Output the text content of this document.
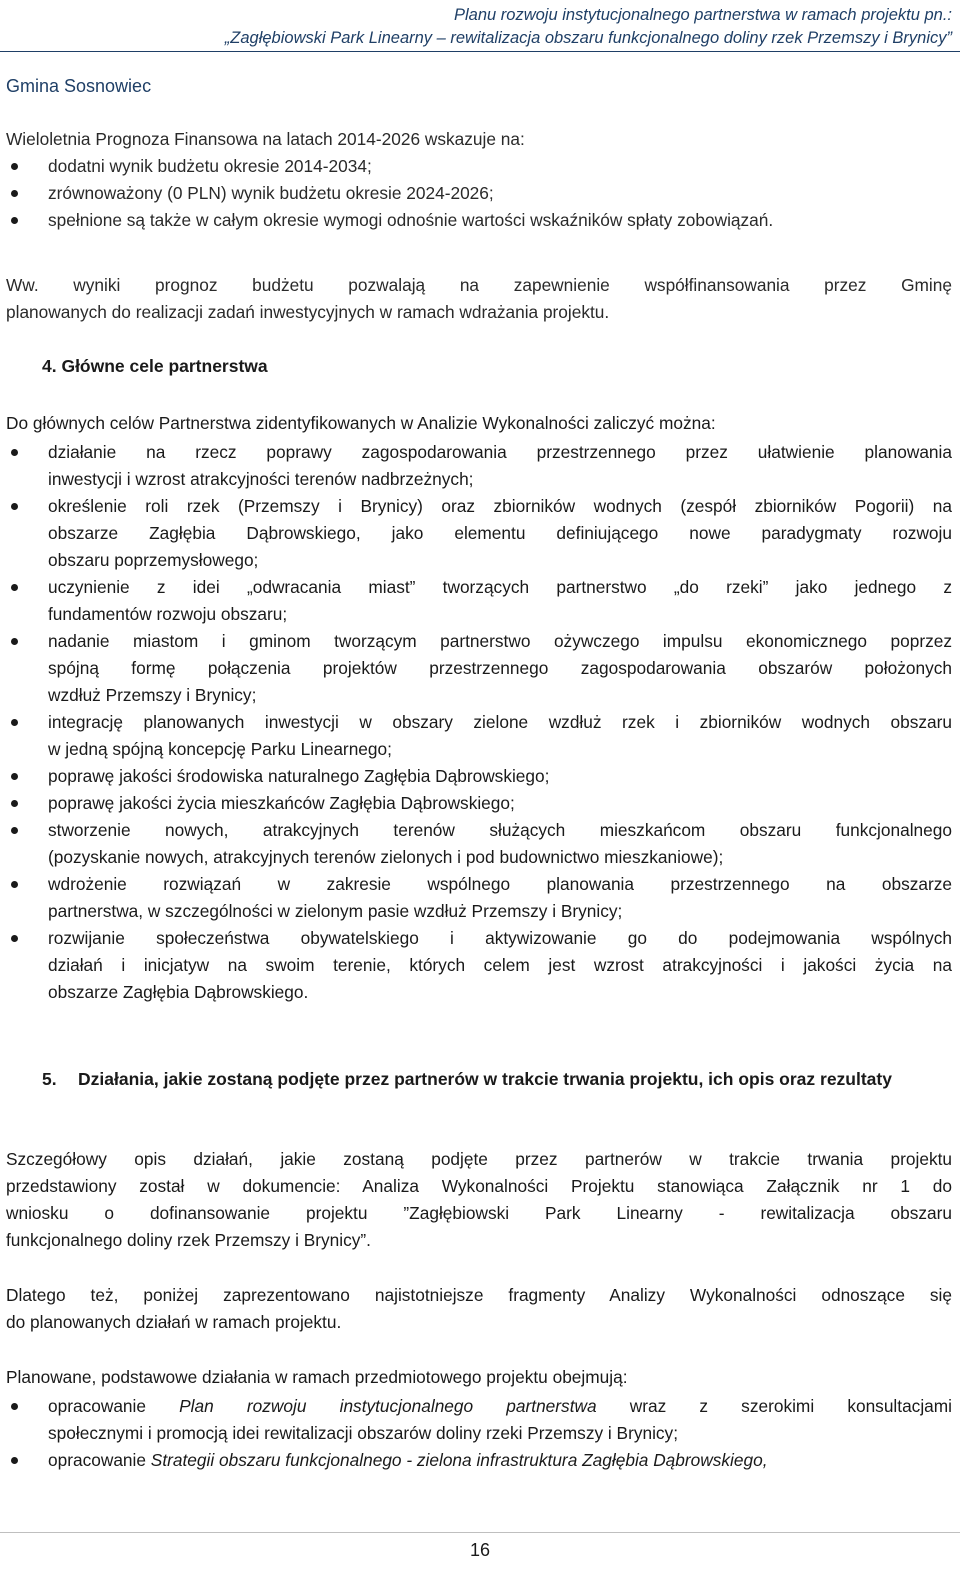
Planu rozwoju instytucjonalnego partnerstwa w ramach projektu pn.:
„Zagłębiowski Park Linearny – rewitalizacja obszaru funkcjonalnego doliny rzek Przemszy i Brynicy”
Gmina Sosnowiec
Wieloletnia Prognoza Finansowa na latach 2014-2026 wskazuje na:
dodatni wynik budżetu okresie 2014-2034;
zrównoważony (0 PLN) wynik budżetu okresie 2024-2026;
spełnione są także w całym okresie wymogi odnośnie wartości wskaźników spłaty zobowiązań.
Ww. wyniki prognoz budżetu pozwalają na zapewnienie współfinansowania przez Gminę
planowanych do realizacji zadań inwestycyjnych w ramach wdrażania projektu.
4. Główne cele partnerstwa
Do głównych celów Partnerstwa zidentyfikowanych w Analizie Wykonalności zaliczyć można:
działanie na rzecz poprawy zagospodarowania przestrzennego przez ułatwienie planowania
inwestycji i wzrost atrakcyjności terenów nadbrzeżnych;
określenie roli rzek (Przemszy i Brynicy) oraz zbiorników wodnych (zespół zbiorników Pogorii) na
obszarze Zagłębia Dąbrowskiego, jako elementu definiującego nowe paradygmaty rozwoju
obszaru poprzemysłowego;
uczynienie z idei „odwracania miast” tworzących partnerstwo „do rzeki” jako jednego z
fundamentów rozwoju obszaru;
nadanie miastom i gminom tworzącym partnerstwo ożywczego impulsu ekonomicznego poprzez
spójną formę połączenia projektów przestrzennego zagospodarowania obszarów położonych
wzdłuż Przemszy i Brynicy;
integrację planowanych inwestycji w obszary zielone wzdłuż rzek i zbiorników wodnych obszaru
w jedną spójną koncepcję Parku Linearnego;
poprawę jakości środowiska naturalnego Zagłębia Dąbrowskiego;
poprawę jakości życia mieszkańców Zagłębia Dąbrowskiego;
stworzenie nowych, atrakcyjnych terenów służących mieszkańcom obszaru funkcjonalnego
(pozyskanie nowych, atrakcyjnych terenów zielonych i pod budownictwo mieszkaniowe);
wdrożenie rozwiązań w zakresie wspólnego planowania przestrzennego na obszarze
partnerstwa, w szczególności w zielonym pasie wzdłuż Przemszy i Brynicy;
rozwijanie społeczeństwa obywatelskiego i aktywizowanie go do podejmowania wspólnych
działań i inicjatyw na swoim terenie, których celem jest wzrost atrakcyjności i jakości życia na
obszarze Zagłębia Dąbrowskiego.
5.	Działania, jakie zostaną podjęte przez partnerów w trakcie trwania projektu, ich opis oraz rezultaty
Szczegółowy opis działań, jakie zostaną podjęte przez partnerów w trakcie trwania projektu
przedstawiony został w dokumencie: Analiza Wykonalności Projektu stanowiąca Załącznik nr 1 do
wniosku o dofinansowanie projektu ”Zagłębiowski Park Linearny - rewitalizacja obszaru
funkcjonalnego doliny rzek Przemszy i Brynicy”.
Dlatego też, poniżej zaprezentowano najistotniejsze fragmenty Analizy Wykonalności odnoszące się
do planowanych działań w ramach projektu.
Planowane, podstawowe działania w ramach przedmiotowego projektu obejmują:
opracowanie Plan rozwoju instytucjonalnego partnerstwa wraz z szerokimi konsultacjami
społecznymi i promocją idei rewitalizacji obszarów doliny rzeki Przemszy i Brynicy;
opracowanie Strategii obszaru funkcjonalnego - zielona infrastruktura Zagłębia Dąbrowskiego,
16
